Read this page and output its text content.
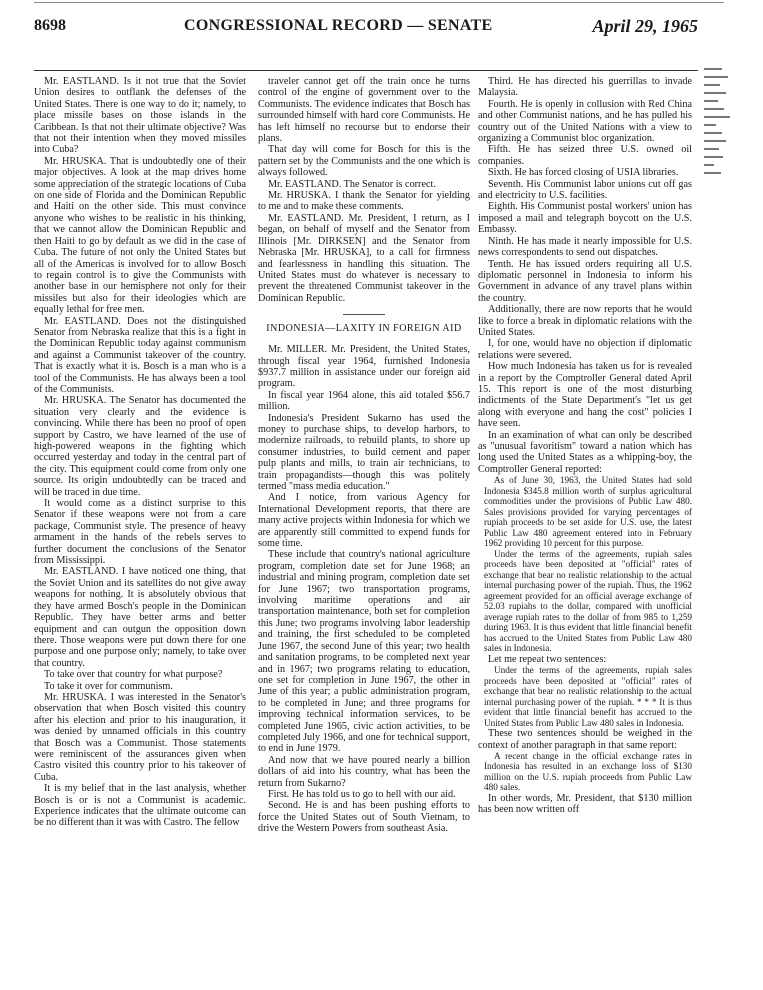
8698	CONGRESSIONAL RECORD — SENATE	April 29, 1965

Mr. EASTLAND. Is it not true that the Soviet Union desires to outflank the defenses of the United States. There is one way to do it; namely, to place missile bases on those islands in the Caribbean. Is that not their ultimate objective? Was that not their intention when they moved missiles into Cuba?

Mr. HRUSKA. That is undoubtedly one of their major objectives. A look at the map drives home some appreciation of the strategic locations of Cuba on one side of Florida and the Dominican Republic and Haiti on the other side. This must convince anyone who wishes to be realistic in his thinking, that we cannot allow the Dominican Republic and then Haiti to go by default as we did in the case of Cuba. The future of not only the United States but all of the Americas is involved for to allow Bosch to regain control is to give the Communists with another base in our hemisphere not only for their missiles but also for their ideologies which are equally lethal for free men.

Mr. EASTLAND. Does not the distinguished Senator from Nebraska realize that this is a fight in the Dominican Republic today against communism and against a Communist takeover of the country. That is exactly what it is. Bosch is a man who is a tool of the Communists. He has always been a tool of the Communists.

Mr. HRUSKA. The Senator has documented the situation very clearly and the evidence is convincing. While there has been no proof of open support by Castro, we have learned of the use of high-powered weapons in the fighting which occurred yesterday and today in the central part of the city. This equipment could come from only one source. Its origin undoubtedly can be traced and will be traced in due time.

It would come as a distinct surprise to this Senator if these weapons were not from a care package, Communist style. The presence of heavy armament in the hands of the rebels serves to further document the conclusions of the Senator from Mississippi.

Mr. EASTLAND. I have noticed one thing, that the Soviet Union and its satellites do not give away weapons for nothing. It is absolutely obvious that they have armed Bosch's people in the Dominican Republic. They have better arms and better equipment and can outgun the opposition down there. Those weapons were put down there for one purpose and one purpose only; namely, to take over that country.

To take over that country for what purpose?

To take it over for communism.

Mr. HRUSKA. I was interested in the Senator's observation that when Bosch visited this country after his election and prior to his inauguration, it was denied by unnamed officials in this country that Bosch was a Communist. Those statements were reminiscent of the assurances given when Castro visited this country prior to his takeover of Cuba.

It is my belief that in the last analysis, whether Bosch is or is not a Communist is academic. Experience indicates that the ultimate outcome can be no different than it was with Castro. The fellow

traveler cannot get off the train once he turns control of the engine of government over to the Communists. The evidence indicates that Bosch has surrounded himself with hard core Communists. He has left himself no recourse but to endorse their plans.

That day will come for Bosch for this is the pattern set by the Communists and the one which is always followed.

Mr. EASTLAND. The Senator is correct.

Mr. HRUSKA. I thank the Senator for yielding to me and to make these comments.

Mr. EASTLAND. Mr. President, I return, as I began, on behalf of myself and the Senator from Illinois [Mr. DIRKSEN] and the Senator from Nebraska [Mr. HRUSKA], to a call for firmness and fearlessness in handling this situation. The United States must do whatever is necessary to prevent the threatened Communist takeover in the Dominican Republic.

INDONESIA—LAXITY IN FOREIGN AID

Mr. MILLER. Mr. President, the United States, through fiscal year 1964, furnished Indonesia $937.7 million in assistance under our foreign aid program.

In fiscal year 1964 alone, this aid totaled $56.7 million.

Indonesia's President Sukarno has used the money to purchase ships, to develop harbors, to modernize railroads, to rebuild plants, to shore up consumer industries, to build cement and paper pulp plants and mills, to train air technicians, to train propagandists—though this was politely termed "mass media education."

And I notice, from various Agency for International Development reports, that there are many active projects within Indonesia for which we are apparently still committed to expend funds for some time.

These include that country's national agriculture program, completion date set for June 1968; an industrial and mining program, completion date set for June 1967; two transportation programs, involving maritime operations and air transportation maintenance, both set for completion this June; two programs involving labor leadership and training, the first scheduled to be completed June 1967, the second June of this year; two health and sanitation programs, to be completed next year and in 1967; two programs relating to education, one set for completion in June 1967, the other in June of this year; a public administration program, to be completed in June; and three programs for improving technical information services, to be completed June 1965, civic action activities, to be completed July 1966, and one for technical support, to end in June 1979.

And now that we have poured nearly a billion dollars of aid into his country, what has been the return from Sukarno?

First. He has told us to go to hell with our aid.

Second. He is and has been pushing efforts to force the United States out of South Vietnam, to drive the Western Powers from southeast Asia.

Third. He has directed his guerrillas to invade Malaysia.

Fourth. He is openly in collusion with Red China and other Communist nations, and he has pulled his country out of the United Nations with a view to organizing a Communist bloc organization.

Fifth. He has seized three U.S. owned oil companies.

Sixth. He has forced closing of USIA libraries.

Seventh. His Communist labor unions cut off gas and electricity to U.S. facilities.

Eighth. His Communist postal workers' union has imposed a mail and telegraph boycott on the U.S. Embassy.

Ninth. He has made it nearly impossible for U.S. news correspondents to send out dispatches.

Tenth. He has issued orders requiring all U.S. diplomatic personnel in Indonesia to inform his Government in advance of any travel plans within the country.

Additionally, there are now reports that he would like to force a break in diplomatic relations with the United States.

I, for one, would have no objection if diplomatic relations were severed.

How much Indonesia has taken us for is revealed in a report by the Comptroller General dated April 15. This report is one of the most disturbing indictments of the State Department's "let us get along with everyone and hang the cost" policies I have seen.

In an examination of what can only be described as "unusual favoritism" toward a nation which has long used the United States as a whipping-boy, the Comptroller General reported:

As of June 30, 1963, the United States had sold Indonesia $345.8 million worth of surplus agricultural commodities under the provisions of Public Law 480. Sales provisions provided for varying percentages of rupiah proceeds to be set aside for U.S. use, the latest Public Law 480 agreement entered into in February 1962 providing 10 percent for this purpose.

Under the terms of the agreements, rupiah sales proceeds have been deposited at "official" rates of exchange that bear no realistic relationship to the actual internal purchasing power of the rupiah. Thus, the 1962 agreement provided for an official average exchange of 52.03 rupiahs to the dollar, compared with unofficial average rupiah rates to the dollar of from 985 to 1,259 during 1963. It is thus evident that little financial benefit has accrued to the United States from Public Law 480 sales in Indonesia.

Let me repeat two sentences:

Under the terms of the agreements, rupiah sales proceeds have been deposited at "official" rates of exchange that bear no realistic relationship to the actual internal purchasing power of the rupiah. * * * It is thus evident that little financial benefit has accrued to the United States from Public Law 480 sales in Indonesia.

These two sentences should be weighed in the context of another paragraph in that same report:

A recent change in the official exchange rates in Indonesia has resulted in an exchange loss of $130 million on the U.S. rupiah proceeds from Public Law 480 sales.

In other words, Mr. President, that $130 million has been now written off
